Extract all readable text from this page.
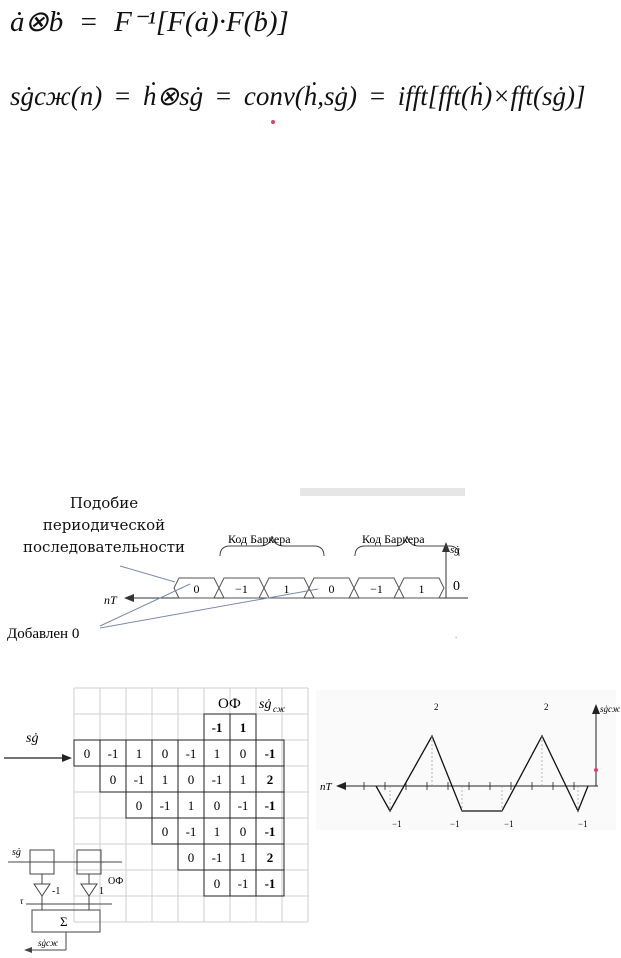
ȧ⊗ḃ = F⁻¹[F(ȧ)·F(ḃ)]
sġсж(n) = ḣ⊗sġ = conv(ḣ,sġ) = ifft[fft(ḣ)×fft(sġ)]
Подобие
периодической
последовательности
0	−1	1	0	−1	1
Код Баркера	Код Баркера
nT
sġ
0
Добавлен 0	.
-1 1
0 -1 1 0 -1 1 0 -1
0 -1 1 0 -1 1 2
0 -1 1 0 -1 -1
0 -1 1 0 -1
0 -1 1 2
0 -1 -1
ОФ sġ сж
sġ
sġ
-1	1
ОФ
τ
Σ
sġсж
nT
sġсж
2	2
−1	−1	−1	−1
